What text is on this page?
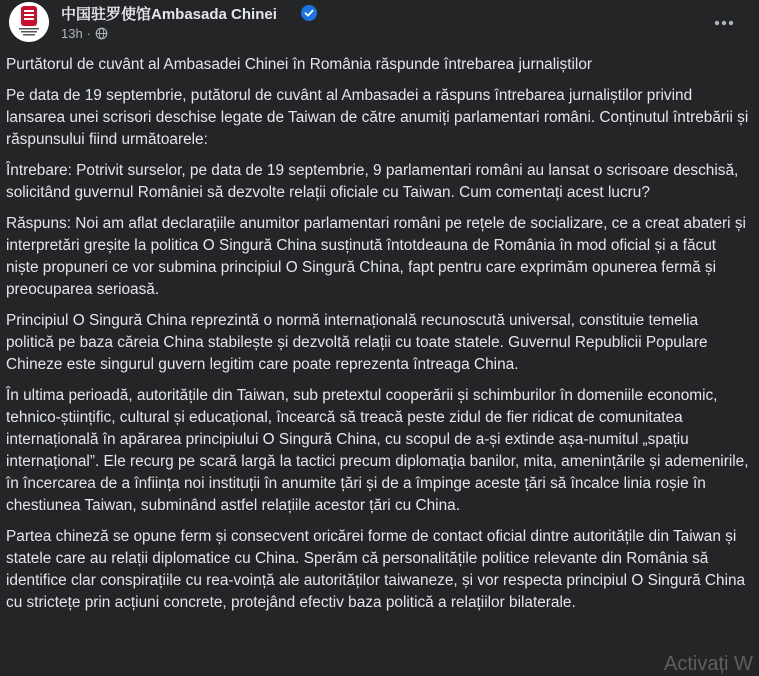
中国驻罗使馆Ambasada Chinei
13h ·

Purtătorul de cuvânt al Ambasadei Chinei în România răspunde întrebarea jurnaliștilor

Pe data de 19 septembrie, putătorul de cuvânt al Ambasadei a răspuns întrebarea jurnaliștilor privind lansarea unei scrisori deschise legate de Taiwan de către anumiți parlamentari români. Conținutul întrebării și răspunsului fiind următoarele:

Întrebare: Potrivit surselor, pe data de 19 septembrie, 9 parlamentari români au lansat o scrisoare deschisă, solicitând guvernul României să dezvolte relații oficiale cu Taiwan. Cum comentați acest lucru?

Răspuns: Noi am aflat declarațiile anumitor parlamentari români pe rețele de socializare, ce a creat abateri și interpretări greșite la politica O Singură China susținută întotdeauna de România în mod oficial și a făcut niște propuneri ce vor submina principiul O Singură China, fapt pentru care exprimăm opunerea fermă și preocuparea serioasă.

Principiul O Singură China reprezintă o normă internațională recunoscută universal, constituie temelia politică pe baza căreia China stabilește și dezvoltă relații cu toate statele. Guvernul Republicii Populare Chineze este singurul guvern legitim care poate reprezenta întreaga China.

În ultima perioadă, autoritățile din Taiwan, sub pretextul cooperării și schimburilor în domeniile economic, tehnico-științific, cultural și educațional, încearcă să treacă peste zidul de fier ridicat de comunitatea internațională în apărarea principiului O Singură China, cu scopul de a-și extinde așa-numitul „spațiu internațional”. Ele recurg pe scară largă la tactici precum diplomația banilor, mita, amenințările și ademenirile, în încercarea de a înființa noi instituții în anumite țări și de a împinge aceste țări să încalce linia roșie în chestiunea Taiwan, subminând astfel relațiile acestor țări cu China.

Partea chineză se opune ferm și consecvent oricărei forme de contact oficial dintre autoritățile din Taiwan și statele care au relații diplomatice cu China. Sperăm că personalitățile politice relevante din România să identifice clar conspirațiile cu rea-voință ale autorităților taiwaneze, și vor respecta principiul O Singură China cu strictețe prin acțiuni concrete, protejând efectiv baza politică a relațiilor bilaterale.

Activați W
